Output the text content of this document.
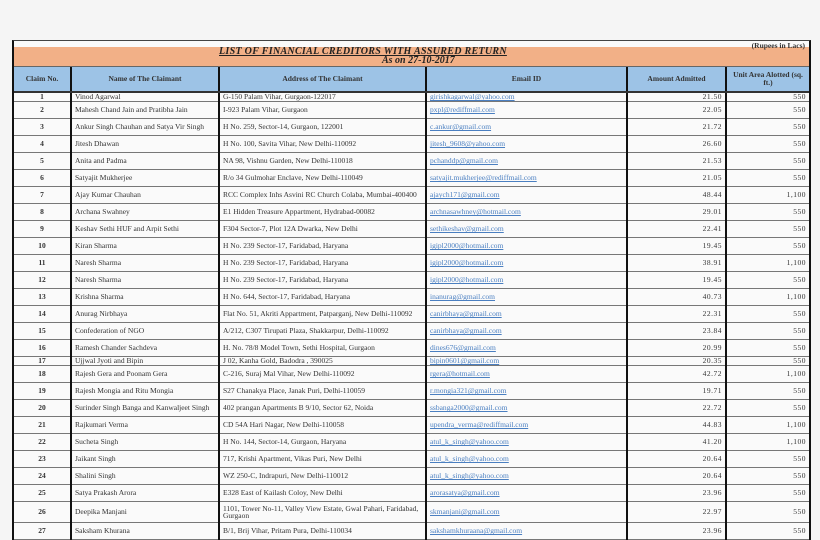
(Rupees in Lacs)
LIST OF FINANCIAL CREDITORS WITH ASSURED RETURN
As on 27-10-2017
Claim No.	Name of The Claimant	Address of The Claimant	Email ID	Amount Admitted	Unit Area Alotted (sq. ft.)
1	Vinod Agarwal	G-150 Palam Vihar, Gurgaon-122017	girishkagarwal@yahoo.com	21.50	550
2	Mahesh Chand Jain and Pratibha Jain	I-923 Palam Vihar, Gurgaon	pxpl@rediffmail.com	22.05	550
3	Ankur Singh Chauhan and Satya Vir Singh	H No. 259, Sector-14, Gurgaon, 122001	c.ankur@gmail.com	21.72	550
4	Jitesh Dhawan	H No. 100, Savita Vihar, New Delhi-110092	jitesh_9608@yahoo.com	26.60	550
5	Anita and Padma	NA 98, Vishnu Garden, New Delhi-110018	pchanddp@gmail.com	21.53	550
6	Satyajit Mukherjee	R/o 34 Gulmohar Enclave, New Delhi-110049	satyajit.mukherjee@rediffmail.com	21.05	550
7	Ajay Kumar Chauhan	RCC Complex Inhs Asvini RC Church Colaba, Mumbai-400400	ajaych171@gmail.com	48.44	1,100
8	Archana Swahney	E1 Hidden Treasure Appartment, Hydrabad-00082	archnasawhney@hotmail.com	29.01	550
9	Keshav Sethi HUF and Arpit Sethi	F304 Sector-7, Plot 12A Dwarka, New Delhi	sethikeshav@gmail.com	22.41	550
10	Kiran Sharma	H No. 239 Sector-17, Faridabad, Haryana	igipl2000@hotmail.com	19.45	550
11	Naresh Sharma	H No. 239 Sector-17, Faridabad, Haryana	igipl2000@hotmail.com	38.91	1,100
12	Naresh Sharma	H No. 239 Sector-17, Faridabad, Haryana	igipl2000@hotmail.com	19.45	550
13	Krishna Sharma	H No. 644, Sector-17, Faridabad, Haryana	inanurag@gmail.com	40.73	1,100
14	Anurag Nirbhaya	Flat No. 51, Akriti Appartment, Patparganj, New Delhi-110092	canirbhaya@gmail.com	22.31	550
15	Confederation of NGO	A/212, C307 Tirupati Plaza, Shakkarpur, Delhi-110092	canirbhaya@gmail.com	23.84	550
16	Ramesh Chander Sachdeva	H. No. 78/8 Model Town, Sethi Hospital, Gurgaon	dines676@gmail.com	20.99	550
17	Ujjwal Jyoti and Bipin	J 02, Kanha Gold, Badodra , 390025	bipin0601@gmail.com	20.35	550
18	Rajesh Gera and Poonam Gera	C-216, Suraj Mal Vihar, New Delhi-110092	rgera@hotmail.com	42.72	1,100
19	Rajesh Mongia and Ritu Mongia	S27 Chanakya Place, Janak Puri, Delhi-110059	r.mongia321@gmail.com	19.71	550
20	Surinder Singh Banga and Kanwaljeet Singh	402 prangan Apartments B 9/10, Sector 62, Noida	ssbanga2000@gmail.com	22.72	550
21	Rajkumari Verma	CD 54A Hari Nagar, New Delhi-110058	upendra_verma@rediffmail.com	44.83	1,100
22	Sucheta Singh	H No. 144, Sector-14, Gurgaon, Haryana	atul_k_singh@yahoo.com	41.20	1,100
23	Jaikant Singh	717, Krishi Apartment, Vikas Puri, New Delhi	atul_k_singh@yahoo.com	20.64	550
24	Shalini Singh	WZ 250-C, Indrapuri, New Delhi-110012	atul_k_singh@yahoo.com	20.64	550
25	Satya Prakash Arora	E328 East of Kailash Coloy, New Delhi	arorasatya@gmail.com	23.96	550
26	Deepika Manjani	1101, Tower No-11, Valley View Estate, Gwal Pahari, Faridabad, Gurgaon	skmanjani@gmail.com	22.97	550
27	Saksham Khurana	B/1, Brij Vihar, Pritam Pura, Delhi-110034	sakshamkhuraana@gmail.com	23.96	550
